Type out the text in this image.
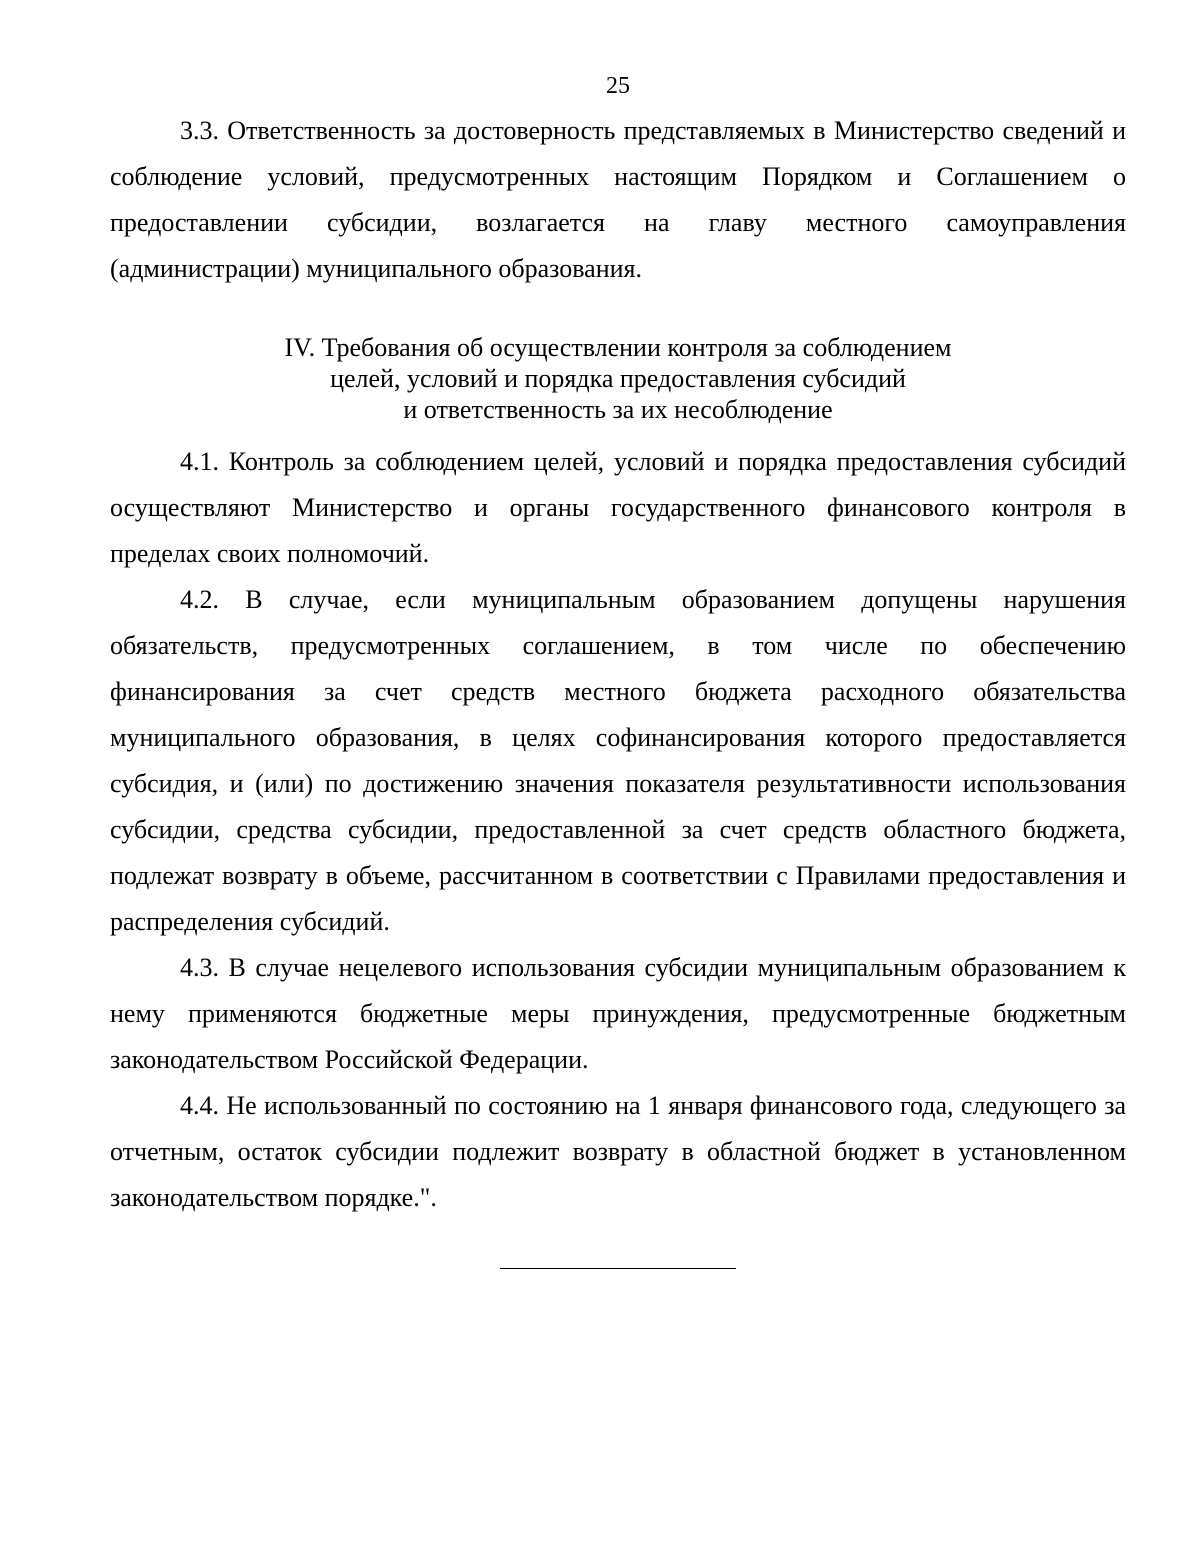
25

3.3. Ответственность за достоверность представляемых в Министерство сведений и соблюдение условий, предусмотренных настоящим Порядком и Соглашением о предоставлении субсидии, возлагается на главу местного самоуправления (администрации) муниципального образования.

IV. Требования об осуществлении контроля за соблюдением
целей, условий и порядка предоставления субсидий
и ответственность за их несоблюдение

4.1. Контроль за соблюдением целей, условий и порядка предоставления субсидий осуществляют Министерство и органы государственного финансового контроля в пределах своих полномочий.

4.2. В случае, если муниципальным образованием допущены нарушения обязательств, предусмотренных соглашением, в том числе по обеспечению финансирования за счет средств местного бюджета расходного обязательства муниципального образования, в целях софинансирования которого предоставляется субсидия, и (или) по достижению значения показателя результативности использования субсидии, средства субсидии, предоставленной за счет средств областного бюджета, подлежат возврату в объеме, рассчитанном в соответствии с Правилами предоставления и распределения субсидий.

4.3. В случае нецелевого использования субсидии муниципальным образованием к нему применяются бюджетные меры принуждения, предусмотренные бюджетным законодательством Российской Федерации.

4.4. Не использованный по состоянию на 1 января финансового года, следующего за отчетным, остаток субсидии подлежит возврату в областной бюджет в установленном законодательством порядке.".
